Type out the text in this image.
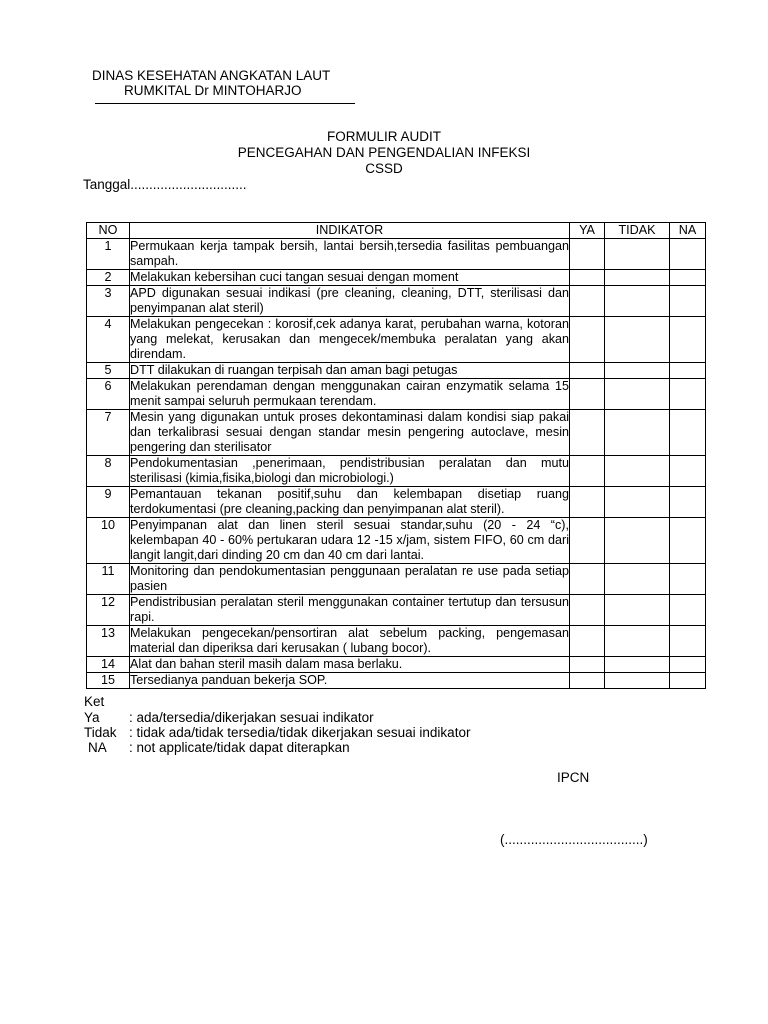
DINAS KESEHATAN ANGKATAN LAUT
RUMKITAL Dr MINTOHARJO
FORMULIR AUDIT
PENCEGAHAN DAN PENGENDALIAN INFEKSI
CSSD
Tanggal...............................
NO	INDIKATOR	YA	TIDAK	NA
1	Permukaan kerja tampak bersih, lantai bersih,tersedia fasilitas pembuangan sampah.			
2	Melakukan kebersihan cuci tangan sesuai dengan moment			
3	APD digunakan sesuai indikasi (pre cleaning, cleaning, DTT, sterilisasi dan penyimpanan alat steril)			
4	Melakukan pengecekan : korosif,cek adanya karat, perubahan warna, kotoran yang melekat, kerusakan dan mengecek/membuka peralatan yang akan direndam.			
5	DTT dilakukan di ruangan terpisah dan aman bagi petugas			
6	Melakukan perendaman dengan menggunakan cairan enzymatik selama 15 menit sampai seluruh permukaan terendam.			
7	Mesin yang digunakan untuk proses dekontaminasi dalam kondisi siap pakai dan terkalibrasi sesuai dengan standar mesin pengering autoclave, mesin pengering dan sterilisator			
8	Pendokumentasian ,penerimaan, pendistribusian peralatan dan mutu sterilisasi (kimia,fisika,biologi dan microbiologi.)			
9	Pemantauan tekanan positif,suhu dan kelembapan disetiap ruang terdokumentasi (pre cleaning,packing dan penyimpanan alat steril).			
10	Penyimpanan alat dan linen steril sesuai standar,suhu (20 - 24 “c), kelembapan 40 - 60% pertukaran udara 12 -15 x/jam, sistem FIFO, 60 cm dari langit langit,dari dinding 20 cm dan 40 cm dari lantai.			
11	Monitoring dan pendokumentasian penggunaan peralatan re use pada setiap pasien			
12	Pendistribusian peralatan steril menggunakan container tertutup dan tersusun rapi.			
13	Melakukan pengecekan/pensortiran alat sebelum packing, pengemasan material dan diperiksa dari kerusakan ( lubang bocor).			
14	Alat dan bahan steril masih dalam masa berlaku.			
15	Tersedianya panduan bekerja SOP.			
Ket
Ya : ada/tersedia/dikerjakan sesuai indikator
Tidak : tidak ada/tidak tersedia/tidak dikerjakan sesuai indikator
NA : not applicate/tidak dapat diterapkan
IPCN
(.....................................)
